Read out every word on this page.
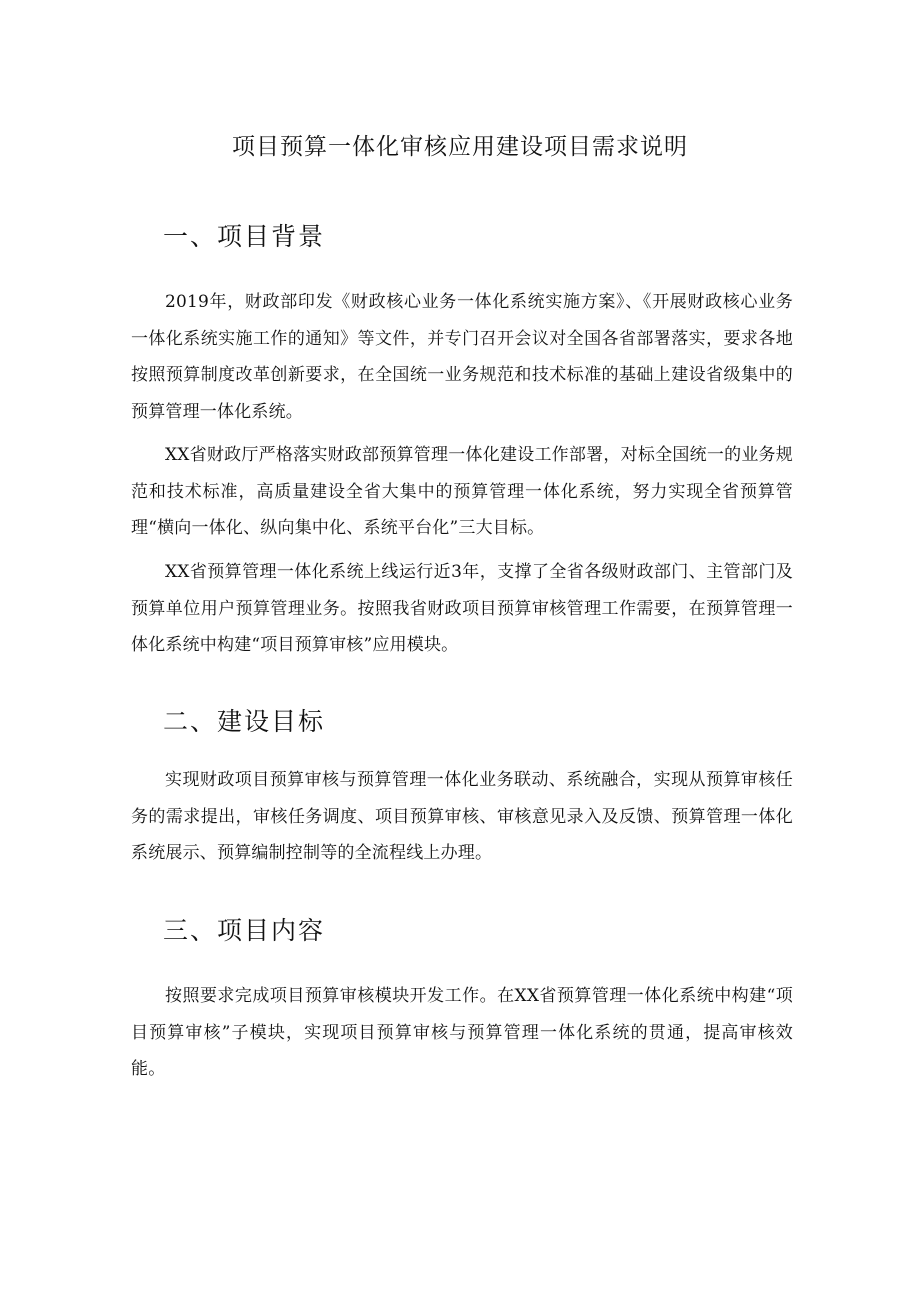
项目预算一体化审核应用建设项目需求说明
一、项目背景

2019年，财政部印发《财政核心业务一体化系统实施方案》、《开展财政核心业务一体化系统实施工作的通知》等文件，并专门召开会议对全国各省部署落实，要求各地按照预算制度改革创新要求，在全国统一业务规范和技术标准的基础上建设省级集中的预算管理一体化系统。

XX省财政厅严格落实财政部预算管理一体化建设工作部署，对标全国统一的业务规范和技术标准，高质量建设全省大集中的预算管理一体化系统，努力实现全省预算管理“横向一体化、纵向集中化、系统平台化”三大目标。

XX省预算管理一体化系统上线运行近3年，支撑了全省各级财政部门、主管部门及预算单位用户预算管理业务。按照我省财政项目预算审核管理工作需要，在预算管理一体化系统中构建“项目预算审核”应用模块。

二、建设目标

实现财政项目预算审核与预算管理一体化业务联动、系统融合，实现从预算审核任务的需求提出，审核任务调度、项目预算审核、审核意见录入及反馈、预算管理一体化系统展示、预算编制控制等的全流程线上办理。

三、项目内容

按照要求完成项目预算审核模块开发工作。在XX省预算管理一体化系统中构建“项目预算审核”子模块，实现项目预算审核与预算管理一体化系统的贯通，提高审核效能。
